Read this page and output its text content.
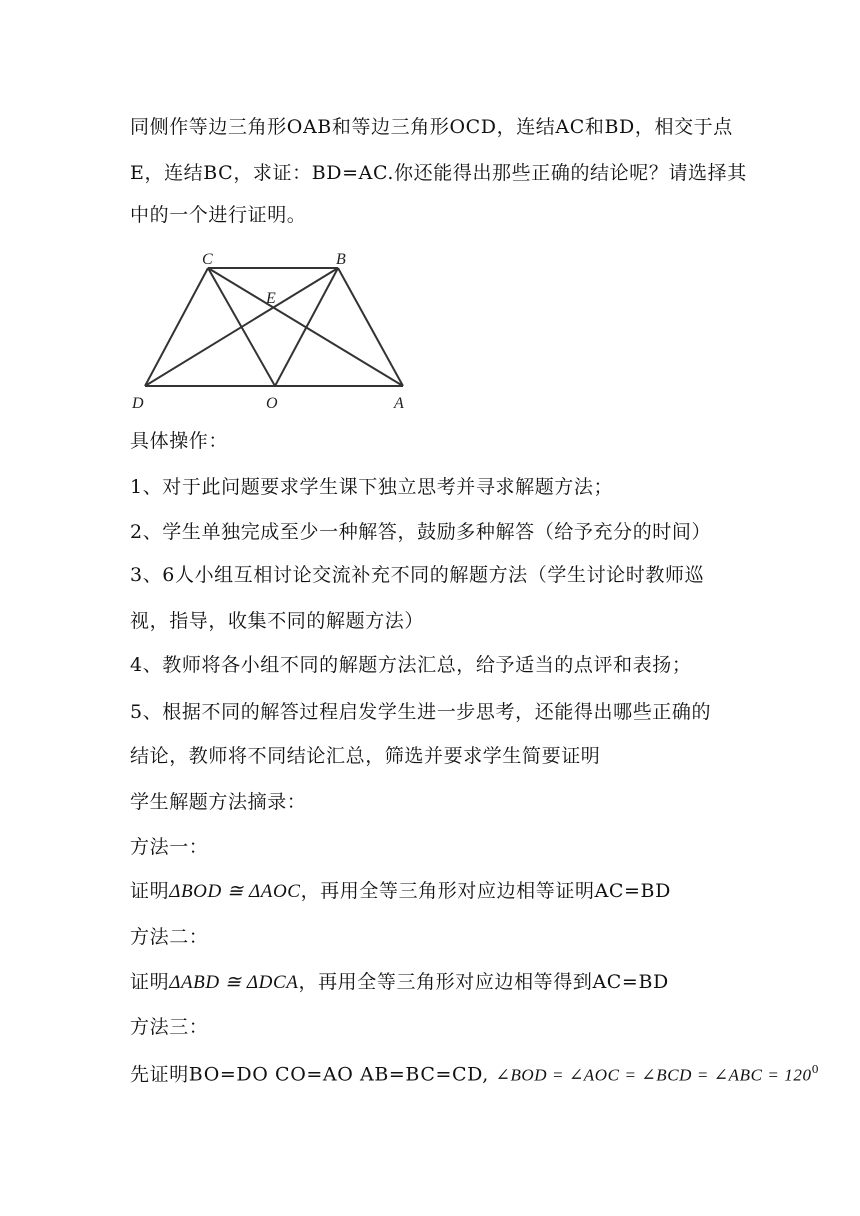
同侧作等边三角形OAB和等边三角形OCD，连结AC和BD，相交于点
E，连结BC，求证：BD=AC.你还能得出那些正确的结论呢？请选择其
中的一个进行证明。
C	B
E
D	O	A
具体操作：
1、对于此问题要求学生课下独立思考并寻求解题方法；
2、学生单独完成至少一种解答，鼓励多种解答（给予充分的时间）
3、6人小组互相讨论交流补充不同的解题方法（学生讨论时教师巡
视，指导，收集不同的解题方法）
4、教师将各小组不同的解题方法汇总，给予适当的点评和表扬；
5、根据不同的解答过程启发学生进一步思考，还能得出哪些正确的
结论，教师将不同结论汇总，筛选并要求学生简要证明
学生解题方法摘录：
方法一：
证明ΔBOD ≅ ΔAOC，再用全等三角形对应边相等证明AC=BD
方法二：
证明ΔABD ≅ ΔDCA，再用全等三角形对应边相等得到AC=BD
方法三：
先证明BO=DO CO=AO AB=BC=CD, ∠BOD = ∠AOC = ∠BCD = ∠ABC = $120^0$
